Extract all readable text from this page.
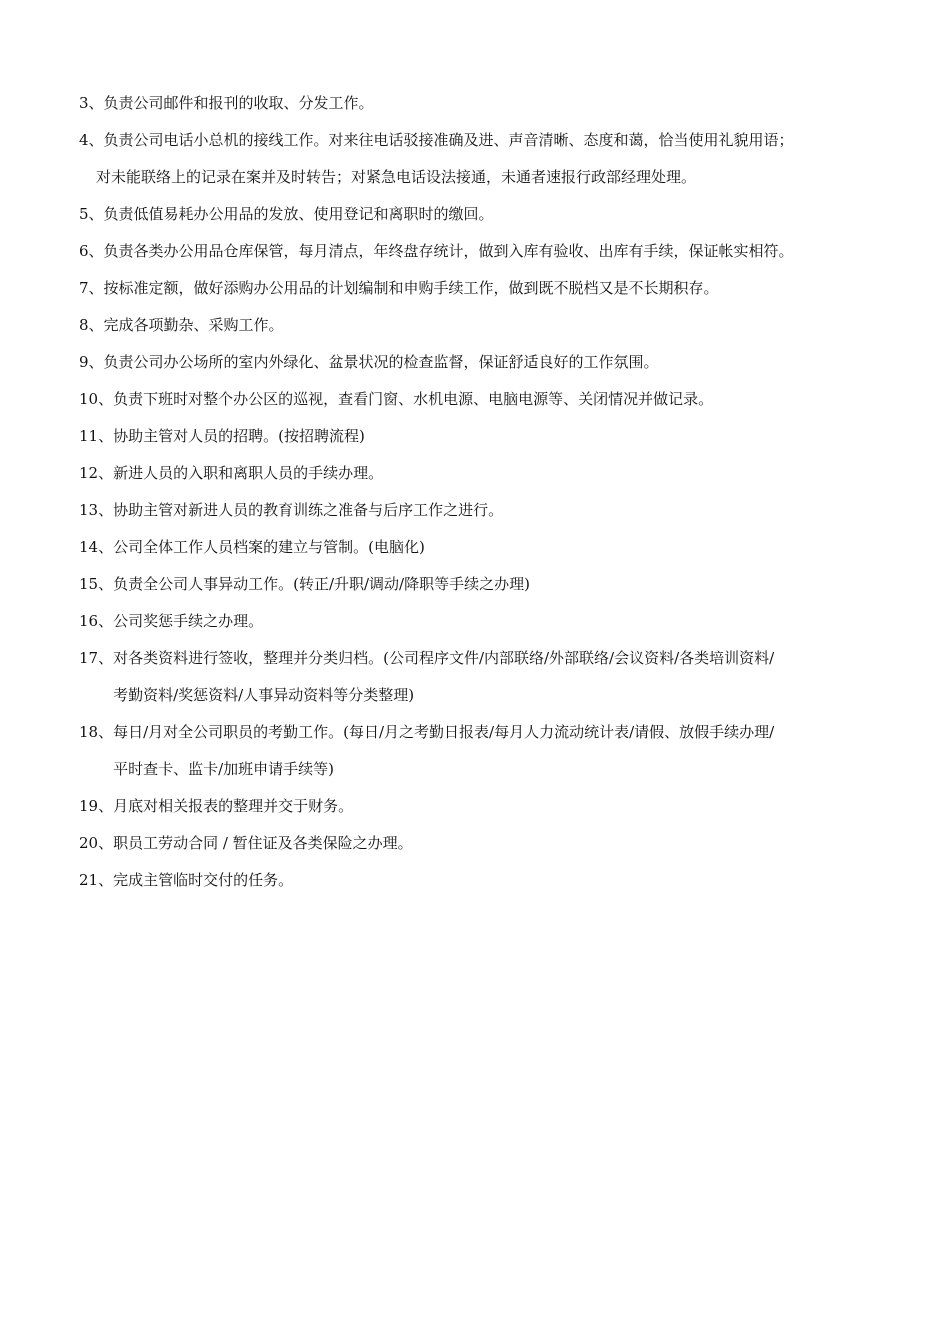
3、 负责公司邮件和报刊的收取、分发工作。
4、 负责公司电话小总机的接线工作。对来往电话驳接准确及进、声音清晰、态度和蔼，恰当使用礼貌用语；
对未能联络上的记录在案并及时转告；对紧急电话设法接通，未通者速报行政部经理处理。
5、 负责低值易耗办公用品的发放、使用登记和离职时的缴回。
6、 负责各类办公用品仓库保管，每月清点，年终盘存统计，做到入库有验收、出库有手续，保证帐实相符。
7、 按标准定额，做好添购办公用品的计划编制和申购手续工作，做到既不脱档又是不长期积存。
8、 完成各项勤杂、采购工作。
9、 负责公司办公场所的室内外绿化、盆景状况的检查监督，保证舒适良好的工作氛围。
10、 负责下班时对整个办公区的巡视，查看门窗、水机电源、电脑电源等、关闭情况并做记录。
11、 协助主管对人员的招聘。(按招聘流程)
12、 新进人员的入职和离职人员的手续办理。
13、 协助主管对新进人员的教育训练之准备与后序工作之进行。
14、 公司全体工作人员档案的建立与管制。(电脑化)
15、 负责全公司人事异动工作。(转正/升职/调动/降职等手续之办理)
16、 公司奖惩手续之办理。
17、 对各类资料进行签收，整理并分类归档。(公司程序文件/内部联络/外部联络/会议资料/各类培训资料/
考勤资料/奖惩资料/人事异动资料等分类整理)
18、 每日/月对全公司职员的考勤工作。(每日/月之考勤日报表/每月人力流动统计表/请假、放假手续办理/
平时查卡、监卡/加班申请手续等)
19、 月底对相关报表的整理并交于财务。
20、 职员工劳动合同 / 暂住证及各类保险之办理。
21、 完成主管临时交付的任务。
